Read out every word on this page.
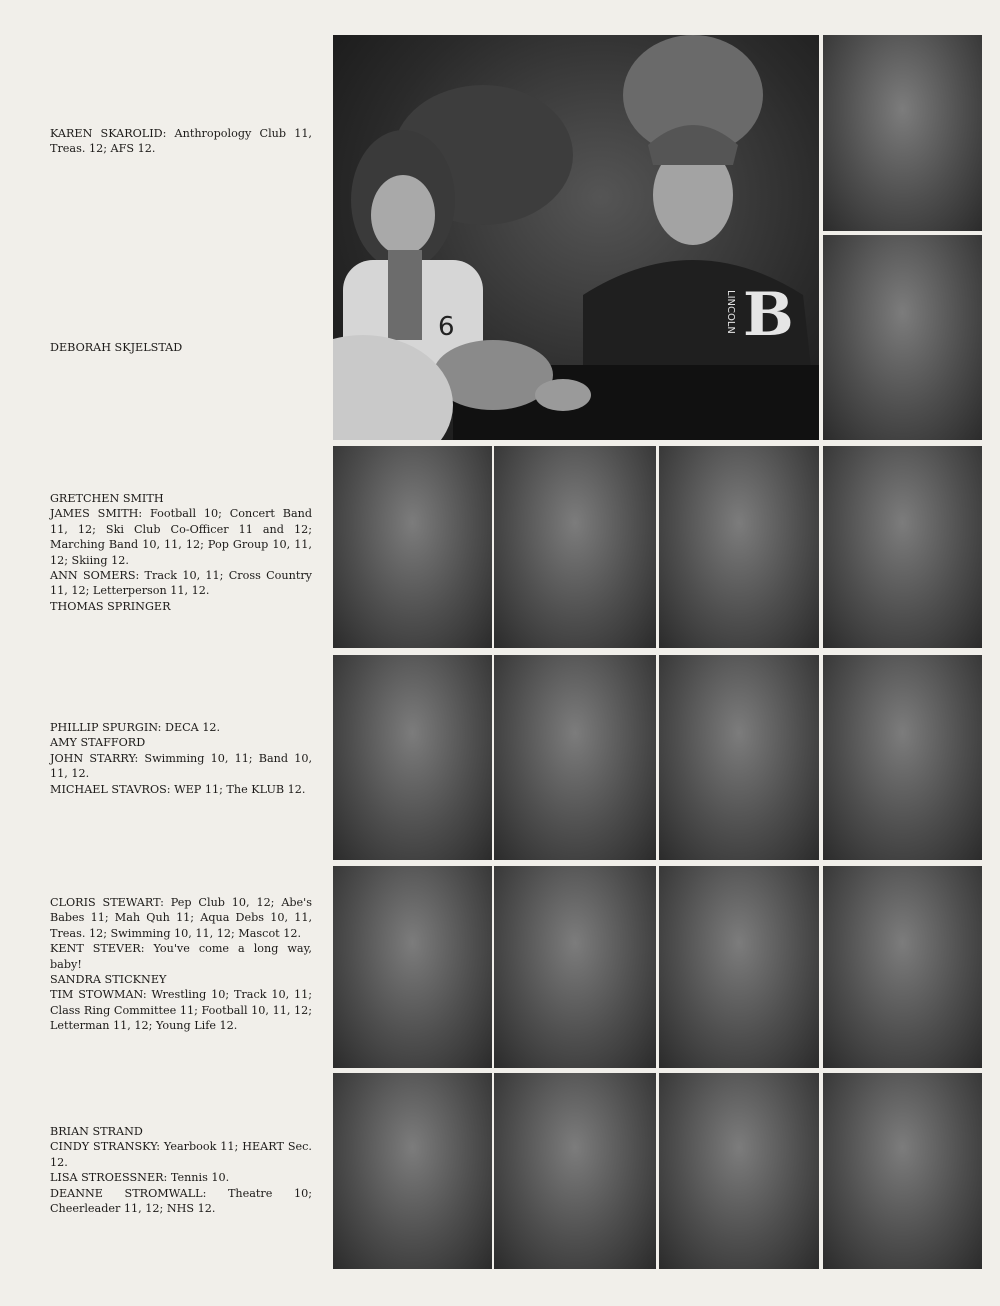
KAREN SKAROLID: Anthropology Club 11, Treas. 12; AFS 12.

DEBORAH SKJELSTAD

GRETCHEN SMITH

JAMES SMITH: Football 10; Concert Band 11, 12; Ski Club Co-Officer 11 and 12; Marching Band 10, 11, 12; Pop Group 10, 11, 12; Skiing 12.

ANN SOMERS: Track 10, 11; Cross Country 11, 12; Letterperson 11, 12.

THOMAS SPRINGER

PHILLIP SPURGIN: DECA 12.

AMY STAFFORD

JOHN STARRY: Swimming 10, 11; Band 10, 11, 12.

MICHAEL STAVROS: WEP 11; The KLUB 12.

CLORIS STEWART: Pep Club 10, 12; Abe's Babes 11; Mah Quh 11; Aqua Debs 10, 11, Treas. 12; Swimming 10, 11, 12; Mascot 12.

KENT STEVER: You've come a long way, baby!

SANDRA STICKNEY

TIM STOWMAN: Wrestling 10; Track 10, 11; Class Ring Committee 11; Football 10, 11, 12; Letterman 11, 12; Young Life 12.

BRIAN STRAND

CINDY STRANSKY: Yearbook 11; HEART Sec. 12.

LISA STROESSNER: Tennis 10.

DEANNE STROMWALL: Theatre 10; Cheerleader 11, 12; NHS 12.

LINCOLN B
6
